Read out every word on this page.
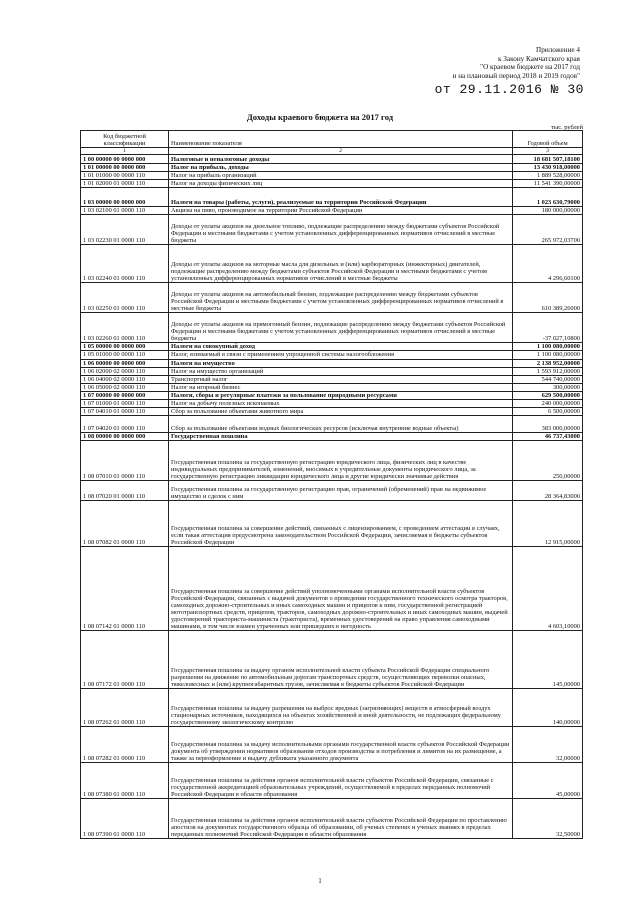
Приложение 4
к Закону Камчатского края
"О краевом бюджете на 2017 год
и на плановый период 2018 и 2019 годов"
от 29.11.2016 № 30
Доходы краевого бюджета на 2017 год
тыс. рублей
Код бюджетной классификации	Наименование показателя	Годовой объем
1	2	3
1 00 00000 00 0000 000	Налоговые и неналоговые доходы	18 681 507,18100
1 01 00000 00 0000 000	Налог на прибыль, доходы	13 430 918,00000
1 01 01000 00 0000 110	Налог на прибыль организаций	1 889 528,00000
1 01 02000 01 0000 110	Налог на доходы физических лиц	11 541 390,00000
1 03 00000 00 0000 000	Налоги на товары (работы, услуги), реализуемые на территории Российской Федерации	1 023 630,79000
1 03 02100 01 0000 110	Акцизы на пиво, производимое на территории Российской Федерации	180 000,00000
1 03 02230 01 0000 110	Доходы от уплаты акцизов на дизельное топливо, подлежащие распределению между бюджетами субъектов Российской Федерации и местными бюджетами с учетом установленных дифференцированных нормативов отчислений в местные бюджеты	265 972,03700
1 03 02240 01 0000 110	Доходы от уплаты акцизов на моторные масла для дизельных и (или) карбюраторных (инжекторных) двигателей, подлежащие распределению между бюджетами субъектов Российской Федерации и местными бюджетами с учетом установленных дифференцированных нормативов отчислений в местные бюджеты	4 296,60100
1 03 02250 01 0000 110	Доходы от уплаты акцизов на автомобильный бензин, подлежащие распределению между бюджетами субъектов Российской Федерации и местными бюджетами с учетом установленных дифференцированных нормативов отчислений в местные бюджеты	610 389,26000
1 03 02260 01 0000 110	Доходы от уплаты акцизов на прямогонный бензин, подлежащие распределению между бюджетами субъектов Российской Федерации и местными бюджетами с учетом установленных дифференцированных нормативов отчислений в местные бюджеты	-37 027,10800
1 05 00000 00 0000 000	Налоги на совокупный доход	1 100 080,00000
1 05 01000 00 0000 110	Налог, взимаемый в связи с применением упрощенной системы налогообложения	1 100 080,00000
1 06 00000 00 0000 000	Налоги на имущество	2 138 952,00000
1 06 02000 02 0000 110	Налог на имущество организаций	1 593 912,00000
1 06 04000 02 0000 110	Транспортный налог	544 740,00000
1 06 05000 02 0000 110	Налог на игорный бизнес	300,00000
1 07 00000 00 0000 000	Налоги, сборы и регулярные платежи за пользование природными ресурсами	629 500,00000
1 07 01000 01 0000 110	Налог на добычу полезных ископаемых	240 000,00000
1 07 04010 01 0000 110	Сбор за пользование объектами животного мира	6 500,00000
1 07 04020 01 0000 110	Сбор за пользование объектами водных биологических ресурсов (исключая внутренние водные объекты)	383 000,00000
1 08 00000 00 0000 000	Государственная пошлина	46 737,43000
1 08 07010 01 0000 110	Государственная пошлина за государственную регистрацию юридического лица, физических лиц в качестве индивидуальных предпринимателей, изменений, вносимых в учредительные документы юридического лица, за государственную регистрацию ликвидации юридического лица и другие юридически значимые действия	250,00000
1 08 07020 01 0000 110	Государственная пошлина за государственную регистрацию прав, ограничений (обременений) прав на недвижимое имущество и сделок с ним	28 364,83000
1 08 07082 01 0000 110	Государственная пошлина за совершение действий, связанных с лицензированием, с проведением аттестации в случаях, если такая аттестация предусмотрена законодательством Российской Федерации, зачисляемая в бюджеты субъектов Российской Федерации	12 915,00000
1 08 07142 01 0000 110	Государственная пошлина за совершение действий уполномоченными органами исполнительной власти субъектов Российской Федерации, связанных с выдачей документов о проведении государственного технического осмотра тракторов, самоходных дорожно-строительных и иных самоходных машин и прицепов к ним, государственной регистрацией мототранспортных средств, прицепов, тракторов, самоходных дорожно-строительных и иных самоходных машин, выдачей удостоверений тракториста-машиниста (тракториста), временных удостоверений на право управления самоходными машинами, в том числе взамен утраченных или пришедших в негодность	4 603,10000
1 08 07172 01 0000 110	Государственная пошлина за выдачу органом исполнительной власти субъекта Российской Федерации специального разрешения на движение по автомобильным дорогам транспортных средств, осуществляющих перевозки опасных, тяжеловесных и (или) крупногабаритных грузов, зачисляемая в бюджеты субъектов Российской Федерации	145,00000
1 08 07262 01 0000 110	Государственная пошлина за выдачу разрешения на выброс вредных (загрязняющих) веществ в атмосферный воздух стационарных источников, находящихся на объектах хозяйственной и иной деятельности, не подлежащих федеральному государственному экологическому контролю	140,00000
1 08 07282 01 0000 110	Государственная пошлина за выдачу исполнительными органами государственной власти субъектов Российской Федерации документа об утверждении нормативов образования отходов производства и потребления и лимитов на их размещение, а также за переоформление и выдачу дубликата указанного документа	32,00000
1 08 07380 01 0000 110	Государственная пошлина за действия органов исполнительной власти субъектов Российской Федерации, связанные с государственной аккредитацией образовательных учреждений, осуществляемой в пределах переданных полномочий Российской Федерации в области образования	45,00000
1 08 07390 01 0000 110	Государственная пошлина за действия органов исполнительной власти субъектов Российской Федерации по проставлению апостиля на документах государственного образца об образовании, об ученых степенях и ученых званиях в пределах переданных полномочий Российской Федерации в области образования	32,50000
1
